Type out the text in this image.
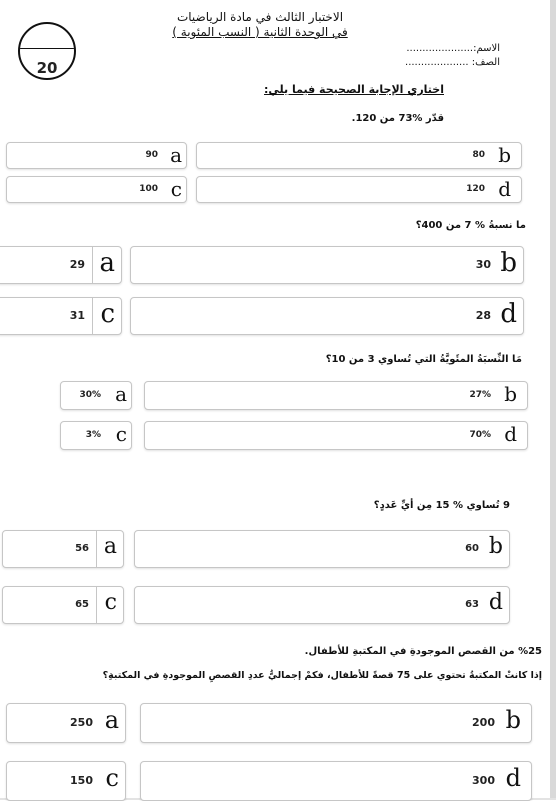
الاختبار الثالث في مادة الرياضيات
في الوحدة الثانية ( النسب المئوية )
20
الاسم:.....................
الصف: ....................
اختاري الإجابة الصحيحة فيما يلي:
قدّر %73 من 120.
80 b
90 a
120 d
100 c
ما نسبةُ % 7 من 400؟
30 b
29 a
28 d
31 c
مَا النِّسبَةُ المئَويَّةُ التي تُساوي 3 من 10؟
27% b
30% a
70% d
3% c
9 تُساوي % 15 مِن أيِّ عَددٍ؟
60 b
56 a
63 d
65 c
%25 من القصص الموجودةِ في المكتبةِ للأطفال.
إذا كانتْ المكتبةُ تحتوي على 75 قصةً للأطفال، فكمْ إجماليُّ عددِ القصصِ الموجودةِ في المكتبةِ؟
200 b
250 a
300 d
150 c
